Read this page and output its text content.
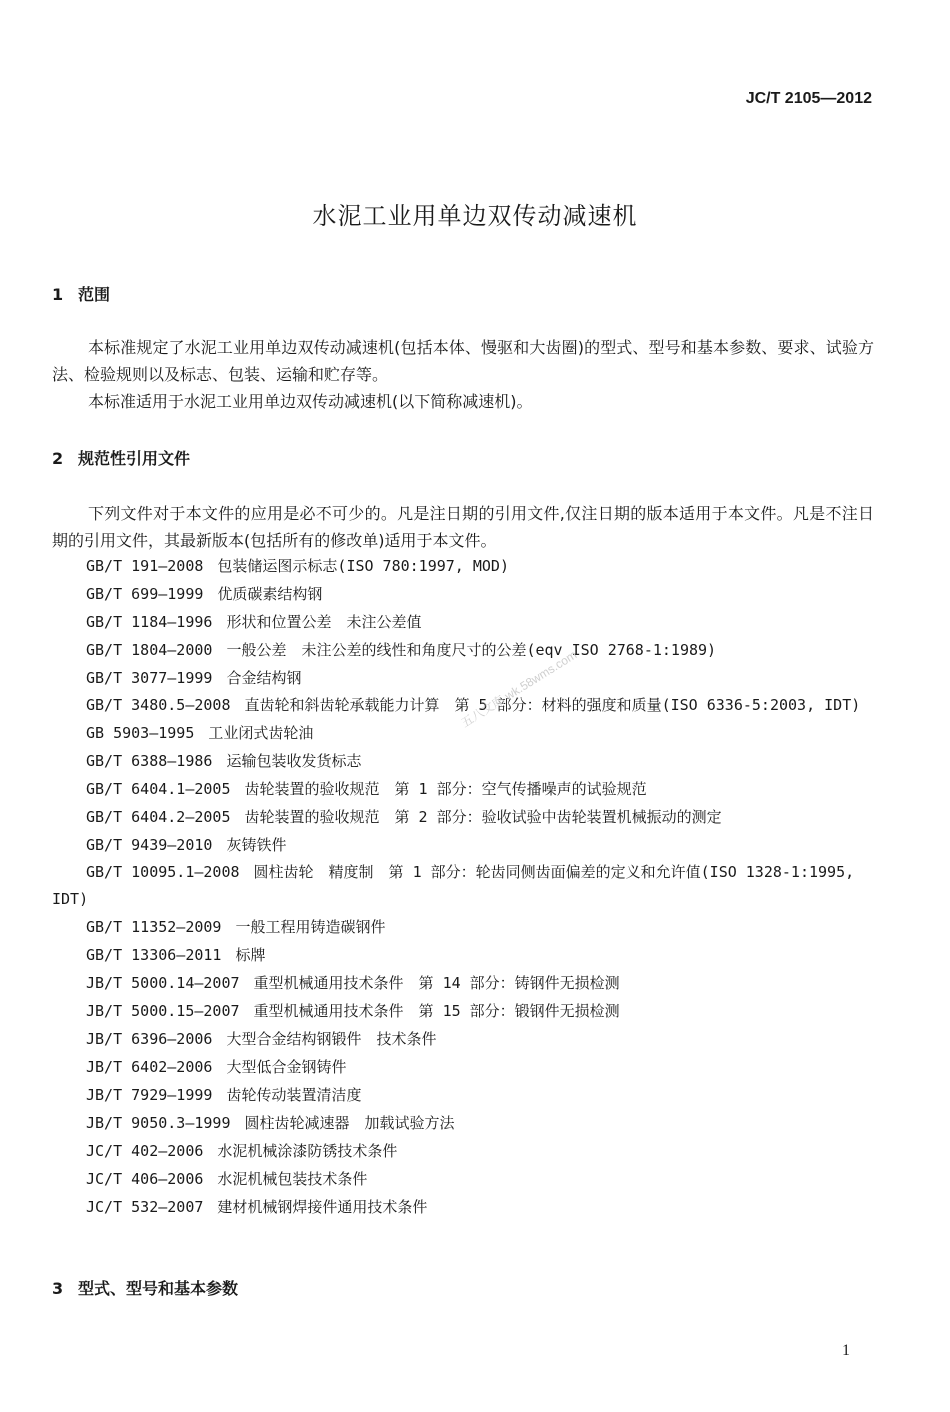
JC/T 2105—2012
水泥工业用单边双传动减速机
1 范围
本标准规定了水泥工业用单边双传动减速机(包括本体、慢驱和大齿圈)的型式、型号和基本参数、要求、试验方法、检验规则以及标志、包装、运输和贮存等。
本标准适用于水泥工业用单边双传动减速机(以下简称减速机)。
2 规范性引用文件
下列文件对于本文件的应用是必不可少的。凡是注日期的引用文件,仅注日期的版本适用于本文件。凡是不注日期的引用文件，其最新版本(包括所有的修改单)适用于本文件。
GB/T 191—2008 包装储运图示标志(ISO 780:1997, MOD)
GB/T 699—1999 优质碳素结构钢
GB/T 1184—1996 形状和位置公差　未注公差值
GB/T 1804—2000 一般公差　未注公差的线性和角度尺寸的公差(eqv ISO 2768-1:1989)
GB/T 3077—1999 合金结构钢
GB/T 3480.5—2008 直齿轮和斜齿轮承载能力计算　第 5 部分：材料的强度和质量(ISO 6336-5:2003, IDT)
GB 5903—1995 工业闭式齿轮油
GB/T 6388—1986 运输包装收发货标志
GB/T 6404.1—2005 齿轮装置的验收规范　第 1 部分：空气传播噪声的试验规范
GB/T 6404.2—2005 齿轮装置的验收规范　第 2 部分：验收试验中齿轮装置机械振动的测定
GB/T 9439—2010 灰铸铁件
GB/T 10095.1—2008 圆柱齿轮　精度制　第 1 部分：轮齿同侧齿面偏差的定义和允许值(ISO 1328-1:1995, IDT)
GB/T 11352—2009 一般工程用铸造碳钢件
GB/T 13306—2011 标牌
JB/T 5000.14—2007 重型机械通用技术条件　第 14 部分：铸钢件无损检测
JB/T 5000.15—2007 重型机械通用技术条件　第 15 部分：锻钢件无损检测
JB/T 6396—2006 大型合金结构钢锻件　技术条件
JB/T 6402—2006 大型低合金钢铸件
JB/T 7929—1999 齿轮传动装置清洁度
JB/T 9050.3—1999 圆柱齿轮减速器　加载试验方法
JC/T 402—2006 水泥机械涂漆防锈技术条件
JC/T 406—2006 水泥机械包装技术条件
JC/T 532—2007 建材机械钢焊接件通用技术条件
3 型式、型号和基本参数
五八文库 wk.58wms.com
1
